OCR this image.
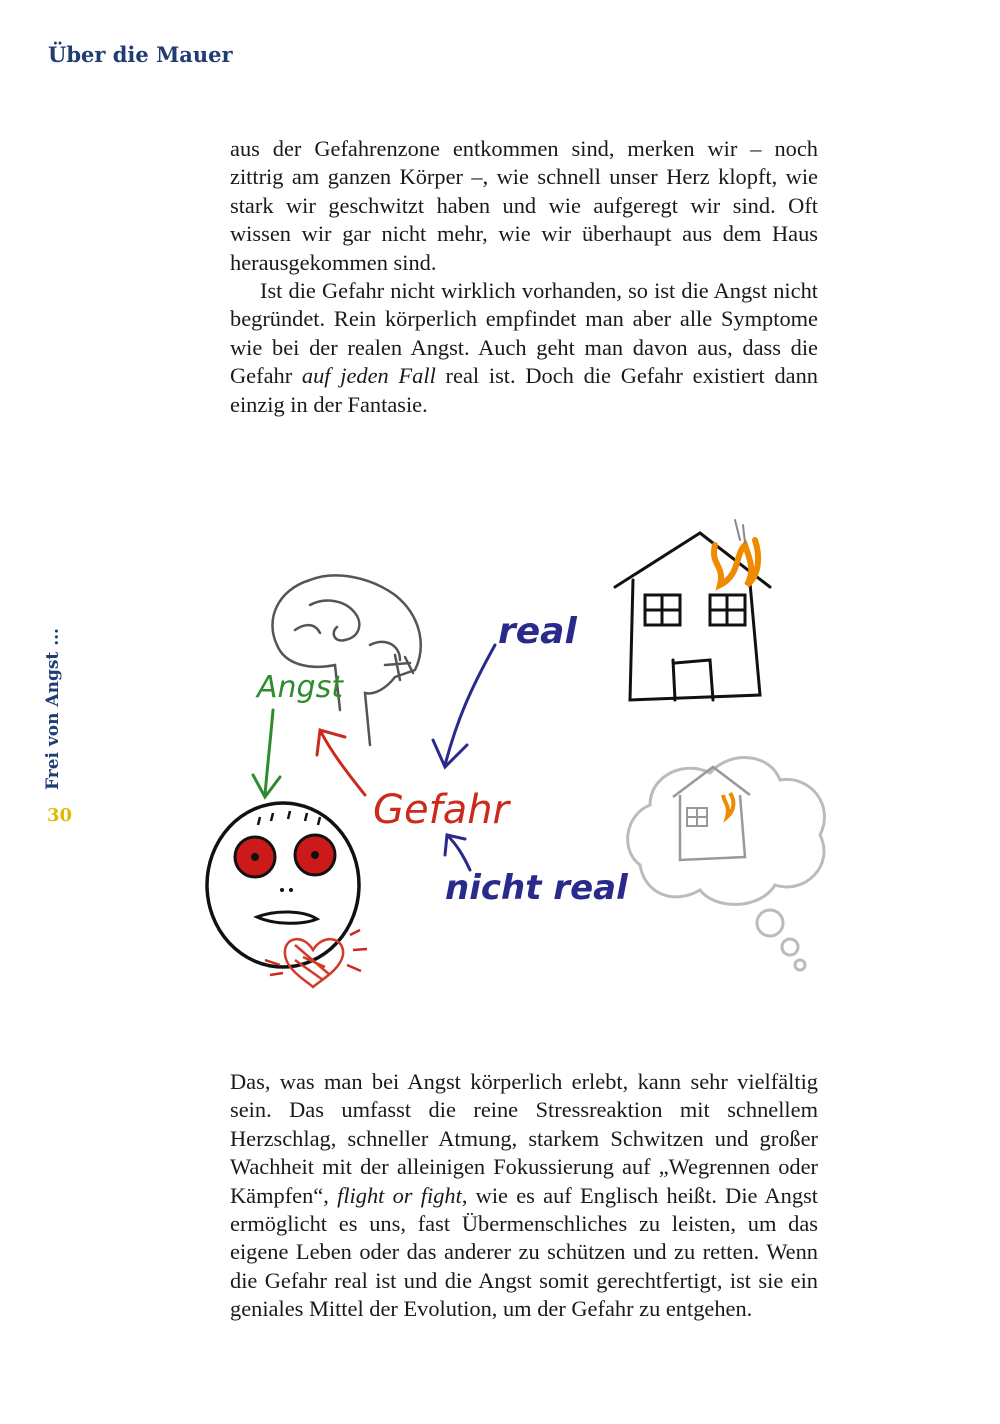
Über die Mauer
Frei von Angst ...
30

aus der Gefahrenzone entkommen sind, merken wir – noch zittrig am ganzen Körper –, wie schnell unser Herz klopft, wie stark wir geschwitzt haben und wie aufgeregt wir sind. Oft wissen wir gar nicht mehr, wie wir überhaupt aus dem Haus herausgekommen sind.

Ist die Gefahr nicht wirklich vorhanden, so ist die Angst nicht begründet. Rein körperlich empfindet man aber alle Symptome wie bei der realen Angst. Auch geht man davon aus, dass die Gefahr auf jeden Fall real ist. Doch die Gefahr existiert dann einzig in der Fantasie.

Angst
Gefahr
real
nicht real

Das, was man bei Angst körperlich erlebt, kann sehr vielfältig sein. Das umfasst die reine Stressreaktion mit schnellem Herzschlag, schneller Atmung, starkem Schwitzen und großer Wachheit mit der alleinigen Fokussierung auf „Wegrennen oder Kämpfen“, flight or fight, wie es auf Englisch heißt. Die Angst ermöglicht es uns, fast Übermenschliches zu leisten, um das eigene Leben oder das anderer zu schützen und zu retten. Wenn die Gefahr real ist und die Angst somit gerechtfertigt, ist sie ein geniales Mittel der Evolution, um der Gefahr zu entgehen.
